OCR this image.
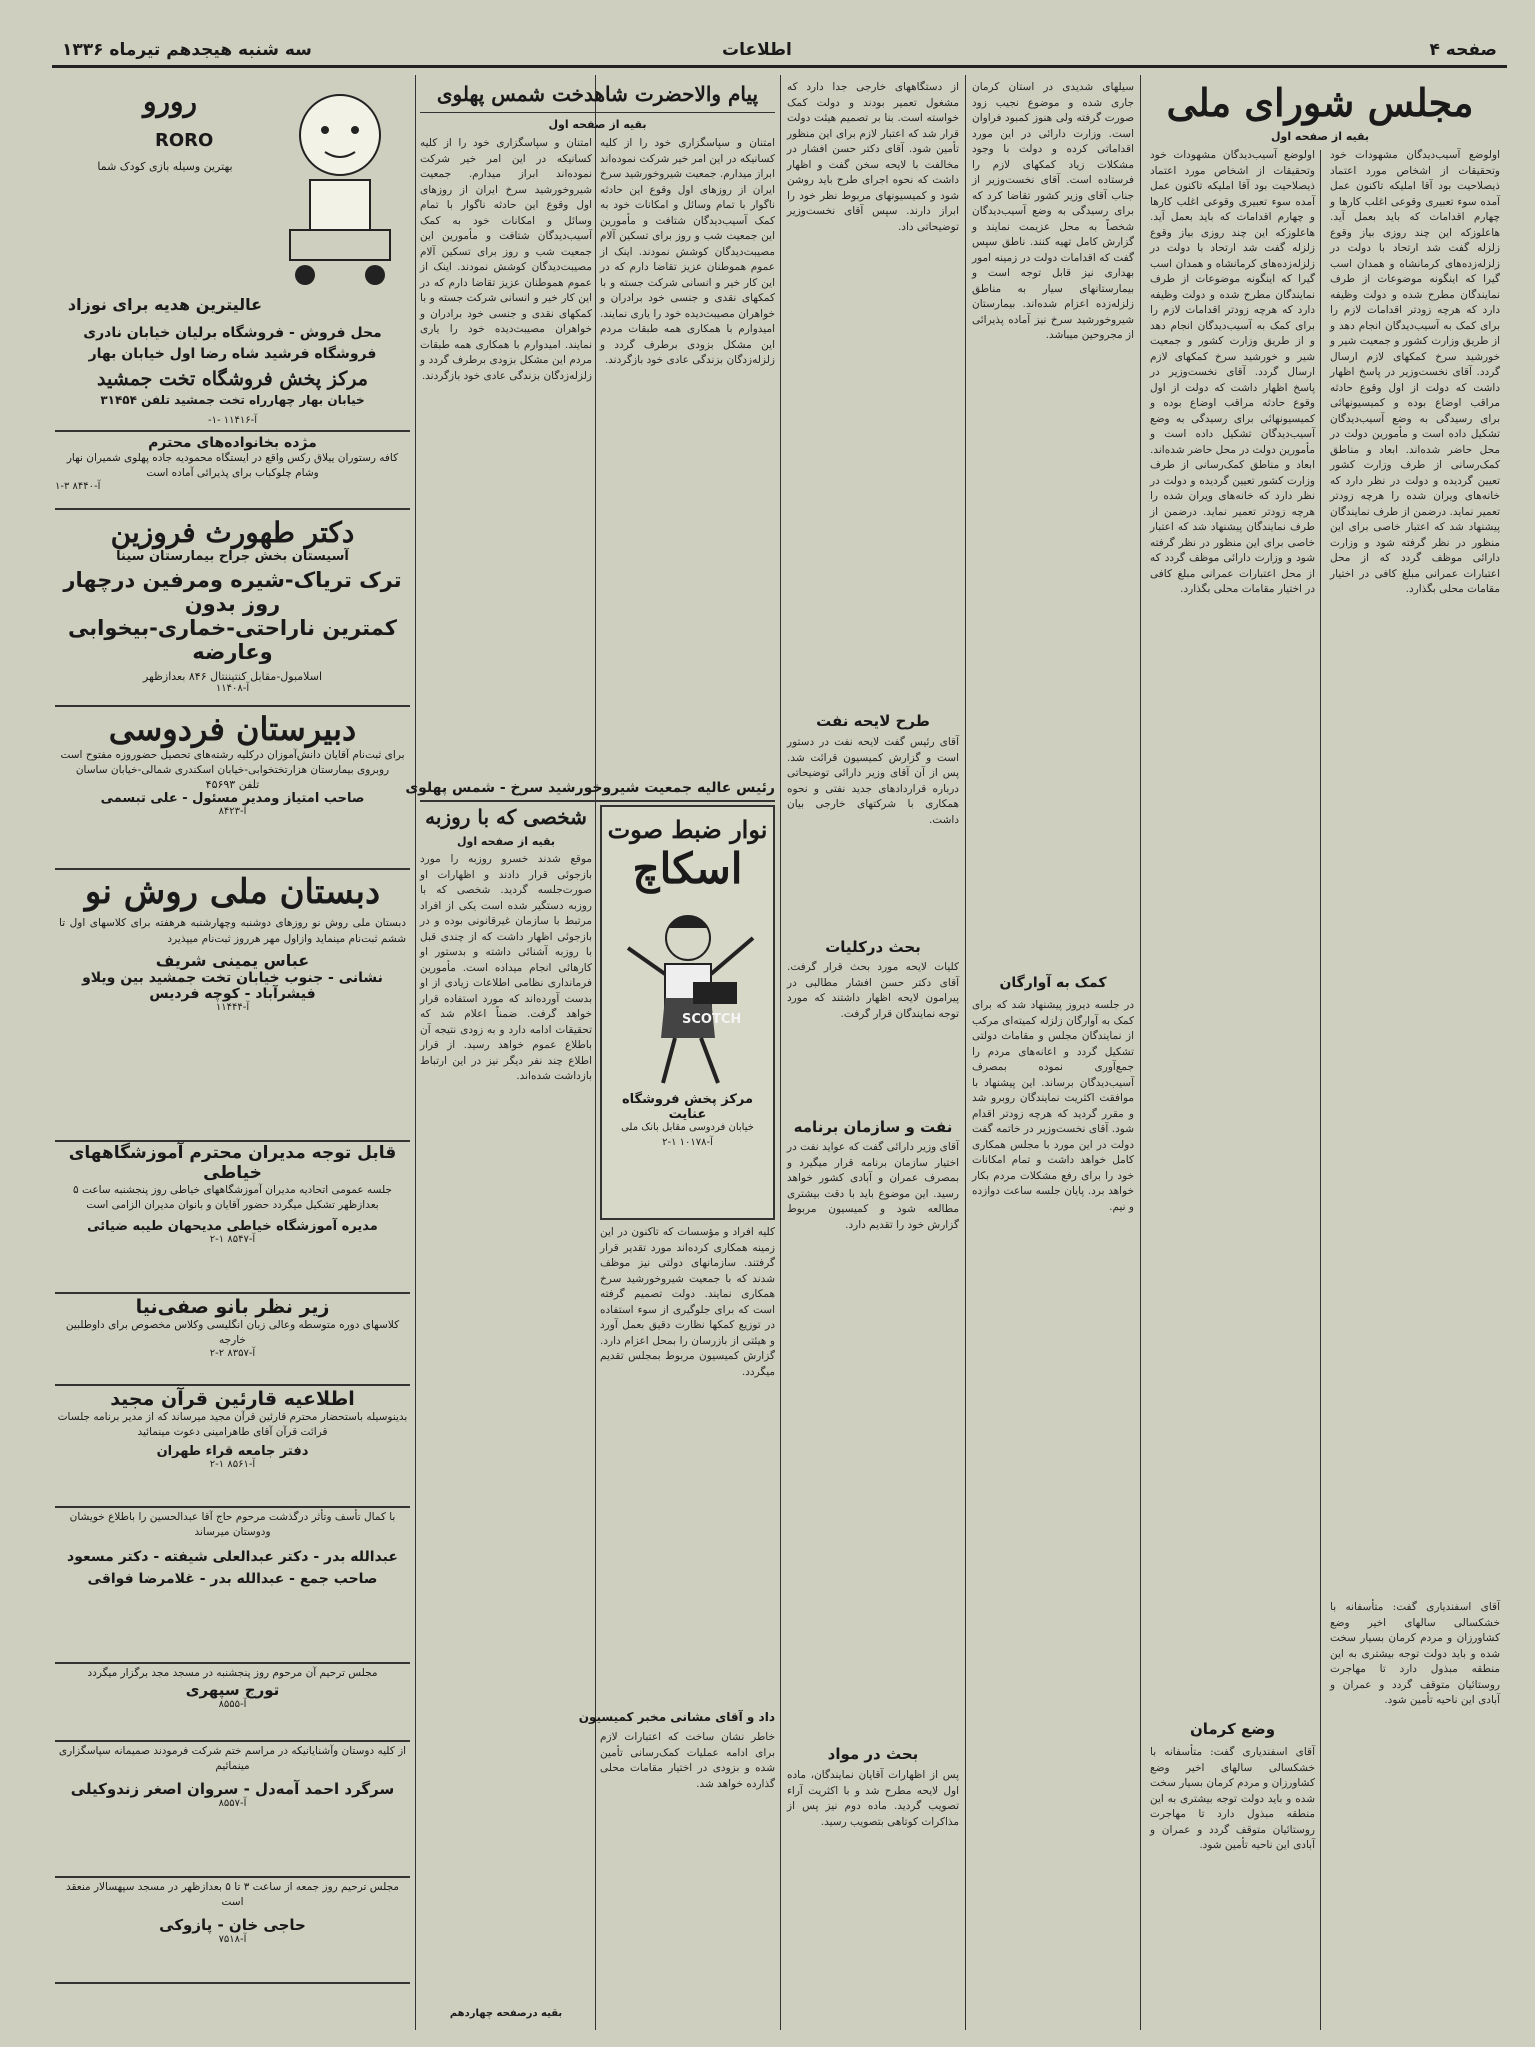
صفحه ۴
اطلاعات
سه شنبه هیجدهم تیرماه ۱۳۳۶
مجلس شورای ملی
بقیه از صفحه اول
اولوضع آسیب‌دیدگان مشهودات خود وتحقیقات از اشخاص مورد اعتماد ذیصلاحیت بود آقا املیکه تاکنون عمل آمده سوء تعبیری وقوعی اغلب کارها و چهارم اقدامات که باید بعمل آید. هاعلوزکه این چند روزی بیاز وقوع زلزله گفت شد ارتحاد با دولت در زلزله‌زده‌های کرمانشاه و همدان اسب گیرا که اینگونه موضوعات از طرف نمایندگان مطرح شده و دولت وظیفه دارد که هرچه زودتر اقدامات لازم را برای کمک به آسیب‌دیدگان انجام دهد و از طریق وزارت کشور و جمعیت شیر و خورشید سرخ کمکهای لازم ارسال گردد. آقای نخست‌وزیر در پاسخ اظهار داشت که دولت از اول وقوع حادثه مراقب اوضاع بوده و کمیسیونهائی برای رسیدگی به وضع آسیب‌دیدگان تشکیل داده است و مأمورین دولت در محل حاضر شده‌اند. ابعاد و مناطق کمک‌رسانی از طرف وزارت کشور تعیین گردیده و دولت در نظر دارد که خانه‌های ویران شده را هرچه زودتر تعمیر نماید. درضمن از طرف نمایندگان پیشنهاد شد که اعتبار خاصی برای این منظور در نظر گرفته شود و وزارت دارائی موظف گردد که از محل اعتبارات عمرانی مبلغ کافی در اختیار مقامات محلی بگذارد.
اولوضع آسیب‌دیدگان مشهودات خود وتحقیقات از اشخاص مورد اعتماد ذیصلاحیت بود آقا املیکه تاکنون عمل آمده سوء تعبیری وقوعی اغلب کارها و چهارم اقدامات که باید بعمل آید. هاعلوزکه این چند روزی بیاز وقوع زلزله گفت شد ارتحاد با دولت در زلزله‌زده‌های کرمانشاه و همدان اسب گیرا که اینگونه موضوعات از طرف نمایندگان مطرح شده و دولت وظیفه دارد که هرچه زودتر اقدامات لازم را برای کمک به آسیب‌دیدگان انجام دهد و از طریق وزارت کشور و جمعیت شیر و خورشید سرخ کمکهای لازم ارسال گردد. آقای نخست‌وزیر در پاسخ اظهار داشت که دولت از اول وقوع حادثه مراقب اوضاع بوده و کمیسیونهائی برای رسیدگی به وضع آسیب‌دیدگان تشکیل داده است و مأمورین دولت در محل حاضر شده‌اند. ابعاد و مناطق کمک‌رسانی از طرف وزارت کشور تعیین گردیده و دولت در نظر دارد که خانه‌های ویران شده را هرچه زودتر تعمیر نماید. درضمن از طرف نمایندگان پیشنهاد شد که اعتبار خاصی برای این منظور در نظر گرفته شود و وزارت دارائی موظف گردد که از محل اعتبارات عمرانی مبلغ کافی در اختیار مقامات محلی بگذارد.
وضع کرمان
آقای اسفندیاری گفت: متأسفانه با خشکسالی سالهای اخیر وضع کشاورزان و مردم کرمان بسیار سخت شده و باید دولت توجه بیشتری به این منطقه مبذول دارد تا مهاجرت روستائیان متوقف گردد و عمران و آبادی این ناحیه تأمین شود.
آقای اسفندیاری گفت: متأسفانه با خشکسالی سالهای اخیر وضع کشاورزان و مردم کرمان بسیار سخت شده و باید دولت توجه بیشتری به این منطقه مبذول دارد تا مهاجرت روستائیان متوقف گردد و عمران و آبادی این ناحیه تأمین شود.
سیلهای شدیدی در استان کرمان جاری شده و موضوع نجیب زود صورت گرفته ولی هنوز کمبود فراوان است. وزارت دارائی در این مورد اقداماتی کرده و دولت با وجود مشکلات زیاد کمکهای لازم را فرستاده است. آقای نخست‌وزیر از جناب آقای وزیر کشور تقاضا کرد که برای رسیدگی به وضع آسیب‌دیدگان شخصاً به محل عزیمت نمایند و گزارش کامل تهیه کنند. ناطق سپس گفت که اقدامات دولت در زمینه امور بهداری نیز قابل توجه است و بیمارستانهای سیار به مناطق زلزله‌زده اعزام شده‌اند. بیمارستان شیروخورشید سرخ نیز آماده پذیرائی از مجروحین میباشد.
کمک به آوارگان
در جلسه دیروز پیشنهاد شد که برای کمک به آوارگان زلزله کمیته‌ای مرکب از نمایندگان مجلس و مقامات دولتی تشکیل گردد و اعانه‌های مردم را جمع‌آوری نموده بمصرف آسیب‌دیدگان برساند. این پیشنهاد با موافقت اکثریت نمایندگان روبرو شد و مقرر گردید که هرچه زودتر اقدام شود. آقای نخست‌وزیر در خاتمه گفت دولت در این مورد با مجلس همکاری کامل خواهد داشت و تمام امکانات خود را برای رفع مشکلات مردم بکار خواهد برد. پایان جلسه ساعت دوازده و نیم.
از دستگاههای خارجی جدا دارد که مشغول تعمیر بودند و دولت کمک خواسته است. بنا بر تصمیم هیئت دولت قرار شد که اعتبار لازم برای این منظور تأمین شود. آقای دکتر حسن افشار در مخالفت با لایحه سخن گفت و اظهار داشت که نحوه اجرای طرح باید روشن شود و کمیسیونهای مربوط نظر خود را ابراز دارند. سپس آقای نخست‌وزیر توضیحاتی داد.
طرح لایحه نفت
آقای رئیس گفت لایحه نفت در دستور است و گزارش کمیسیون قرائت شد. پس از آن آقای وزیر دارائی توضیحاتی درباره قراردادهای جدید نفتی و نحوه همکاری با شرکتهای خارجی بیان داشت.
بحث درکلیات
کلیات لایحه مورد بحث قرار گرفت. آقای دکتر حسن افشار مطالبی در پیرامون لایحه اظهار داشتند که مورد توجه نمایندگان قرار گرفت.
نفت و سازمان برنامه
آقای وزیر دارائی گفت که عواید نفت در اختیار سازمان برنامه قرار میگیرد و بمصرف عمران و آبادی کشور خواهد رسید. این موضوع باید با دقت بیشتری مطالعه شود و کمیسیون مربوط گزارش خود را تقدیم دارد.
بحث در مواد
پس از اظهارات آقایان نمایندگان، ماده اول لایحه مطرح شد و با اکثریت آراء تصویب گردید. ماده دوم نیز پس از مذاکرات کوتاهی بتصویب رسید.
پیام والاحضرت شاهدخت شمس پهلوی
بقیه از صفحه اول
امتنان و سپاسگزاری خود را از کلیه کسانیکه در این امر خیر شرکت نموده‌اند ابراز میدارم. جمعیت شیروخورشید سرخ ایران از روزهای اول وقوع این حادثه ناگوار با تمام وسائل و امکانات خود به کمک آسیب‌دیدگان شتافت و مأمورین این جمعیت شب و روز برای تسکین آلام مصیبت‌دیدگان کوشش نمودند. اینک از عموم هموطنان عزیز تقاضا دارم که در این کار خیر و انسانی شرکت جسته و با کمکهای نقدی و جنسی خود برادران و خواهران مصیبت‌دیده خود را یاری نمایند. امیدوارم با همکاری همه طبقات مردم این مشکل بزودی برطرف گردد و زلزله‌زدگان بزندگی عادی خود بازگردند.
امتنان و سپاسگزاری خود را از کلیه کسانیکه در این امر خیر شرکت نموده‌اند ابراز میدارم. جمعیت شیروخورشید سرخ ایران از روزهای اول وقوع این حادثه ناگوار با تمام وسائل و امکانات خود به کمک آسیب‌دیدگان شتافت و مأمورین این جمعیت شب و روز برای تسکین آلام مصیبت‌دیدگان کوشش نمودند. اینک از عموم هموطنان عزیز تقاضا دارم که در این کار خیر و انسانی شرکت جسته و با کمکهای نقدی و جنسی خود برادران و خواهران مصیبت‌دیده خود را یاری نمایند. امیدوارم با همکاری همه طبقات مردم این مشکل بزودی برطرف گردد و زلزله‌زدگان بزندگی عادی خود بازگردند.
رئیس عالیه جمعیت شیروخورشید سرخ - شمس پهلوی
شخصی که با روزبه
بقیه از صفحه اول
موقع شدند خسرو روزبه را مورد بازجوئی قرار دادند و اظهارات او صورت‌جلسه گردید. شخصی که با روزبه دستگیر شده است یکی از افراد مرتبط با سازمان غیرقانونی بوده و در بازجوئی اظهار داشت که از چندی قبل با روزبه آشنائی داشته و بدستور او کارهائی انجام میداده است. مأمورین فرمانداری نظامی اطلاعات زیادی از او بدست آورده‌اند که مورد استفاده قرار خواهد گرفت. ضمناً اعلام شد که تحقیقات ادامه دارد و به زودی نتیجه آن باطلاع عموم خواهد رسید. از قرار اطلاع چند نفر دیگر نیز در این ارتباط بازداشت شده‌اند.
بقیه درصفحه چهاردهم
نوار ضبط صوت
اسکاچ
SCOTCH
مرکز پخش فروشگاه عنایت
خیابان فردوسی مقابل بانک ملی
آ-۱۰۱۷۸ ۱-۲
کلیه افراد و مؤسسات که تاکنون در این زمینه همکاری کرده‌اند مورد تقدیر قرار گرفتند. سازمانهای دولتی نیز موظف شدند که با جمعیت شیروخورشید سرخ همکاری نمایند. دولت تصمیم گرفته است که برای جلوگیری از سوء استفاده در توزیع کمکها نظارت دقیق بعمل آورد و هیئتی از بازرسان را بمحل اعزام دارد. گزارش کمیسیون مربوط بمجلس تقدیم میگردد.
داد و آقای مشانی مخبر کمیسیون
خاطر نشان ساخت که اعتبارات لازم برای ادامه عملیات کمک‌رسانی تأمین شده و بزودی در اختیار مقامات محلی گذارده خواهد شد.
رورو
RORO
بهترین وسیله بازی کودک شما
عالیترین هدیه برای نوزاد
محل فروش - فروشگاه برلیان خیابان نادری
فروشگاه فرشید شاه رضا اول خیابان بهار
مرکز پخش فروشگاه تخت جمشید
خیابان بهار چهارراه تخت جمشید تلفن ۳۱۴۵۴
آ-۱۱۴۱۶ -۱-
مژده بخانواده‌های محترم
کافه رستوران ییلاق رکس واقع در ایستگاه محمودیه جاده پهلوی شمیران نهار وشام چلوکباب برای پذیرائی آماده است
آ-۸۴۴۰ ۳-۱
دکتر طهورث فروزین
آسیستان بخش جراح بیمارستان سینا
ترک تریاک-شیره ومرفین درچهار روز بدون
کمترین ناراحتی-خماری-بیخوابی وعارضه
اسلامبول-مقابل کنتیننتال ۸۴۶ بعدازظهر
آ-۱۱۴۰۸
دبیرستان فردوسی
برای ثبت‌نام آقایان دانش‌آموزان درکلیه رشته‌های تحصیل حضوروزه مفتوح است
روبروی بیمارستان هزارتختخوابی-خیابان اسکندری شمالی-خیابان ساسان
تلفن ۴۵۶۹۳
صاحب امتیاز ومدیر مسئول - علی تبسمی
آ-۸۴۲۳
دبستان ملی روش نو
دبستان ملی روش نو روزهای دوشنبه وچهارشنبه هرهفته برای کلاسهای اول تا ششم ثبت‌نام مینماید وازاول مهر هرروز ثبت‌نام میپذیرد
عباس یمینی شریف
نشانی - جنوب خیابان تخت جمشید بین ویلاو فیشرآباد - کوچه فردیس
آ-۱۱۴۴۴
قابل توجه مدیران محترم آموزشگاههای خیاطی
جلسه عمومی اتحادیه مدیران آموزشگاههای خیاطی روز پنجشنبه ساعت ۵ بعدازظهر تشکیل میگردد حضور آقایان و بانوان مدیران الزامی است
مدیره آموزشگاه خیاطی مدیحهان طیبه ضیائی
آ-۸۵۴۷ ۱-۲
زیر نظر بانو صفی‌نیا
کلاسهای دوره متوسطه وعالی زبان انگلیسی وکلاس مخصوص برای داوطلبین خارجه
آ-۸۳۵۷ ۲-۲
اطلاعیه قارئین قرآن مجید
بدینوسیله باستحضار محترم قارئین قرآن مجید میرساند که از مدیر برنامه جلسات قرائت قرآن آقای طاهرامینی دعوت مینمائید
دفتر جامعه قراء طهران
آ-۸۵۶۱ ۱-۲
با کمال تأسف وتأثر درگذشت مرحوم حاج آقا عبدالحسین را باطلاع خویشان ودوستان میرساند
عبدالله بدر - دکتر عبدالعلی شیفته - دکتر مسعود صاحب جمع - عبدالله بدر - غلامرضا فواقی
مجلس ترحیم آن مرحوم روز پنجشنبه در مسجد مجد برگزار میگردد
تورج سپهری
آ-۸۵۵۵
از کلیه دوستان وآشنایانیکه در مراسم ختم شرکت فرمودند صمیمانه سپاسگزاری مینمائیم
سرگرد احمد آمه‌دل - سروان اصغر زندوکیلی
آ-۸۵۵۷
مجلس ترحیم روز جمعه از ساعت ۳ تا ۵ بعدازظهر در مسجد سپهسالار منعقد است
حاجی خان - پازوکی
آ-۷۵۱۸
